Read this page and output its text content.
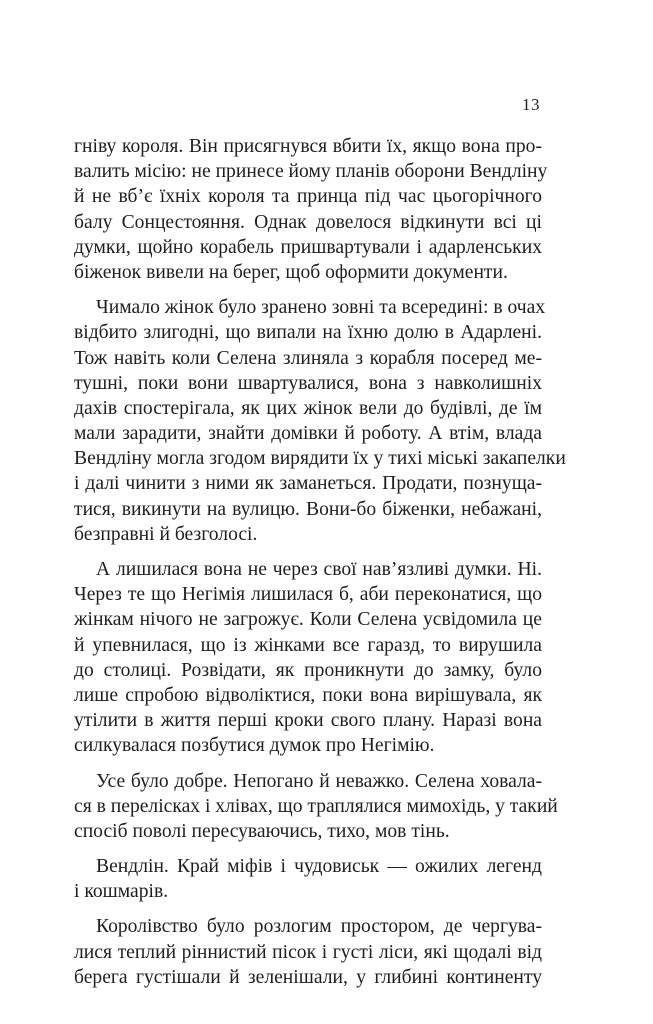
13
гніву короля. Він присягнувся вбити їх, якщо вона про-
валить місію: не принесе йому планів оборони Вендліну
й не вб’є їхніх короля та принца під час цьогорічного
балу Сонцестояння. Однак довелося відкинути всі ці
думки, щойно корабель пришвартували і адарленських
біженок вивели на берег, щоб оформити документи.
Чимало жінок було зранено зовні та всередині: в очах
відбито злигодні, що випали на їхню долю в Адарлені.
Тож навіть коли Селена злиняла з корабля посеред ме-
тушні, поки вони швартувалися, вона з навколишніх
дахів спостерігала, як цих жінок вели до будівлі, де їм
мали зарадити, знайти домівки й роботу. А втім, влада
Вендліну могла згодом вирядити їх у тихі міські закапелки
і далі чинити з ними як заманеться. Продати, познуща-
тися, викинути на вулицю. Вони-бо біженки, небажані,
безправні й безголосі.
А лишилася вона не через свої нав’язливі думки. Ні.
Через те що Негімія лишилася б, аби переконатися, що
жінкам нічого не загрожує. Коли Селена усвідомила це
й упевнилася, що із жінками все гаразд, то вирушила
до столиці. Розвідати, як проникнути до замку, було
лише спробою відволіктися, поки вона вирішувала, як
утілити в життя перші кроки свого плану. Наразі вона
силкувалася позбутися думок про Негімію.
Усе було добре. Непогано й неважко. Селена ховала-
ся в перелісках і хлівах, що траплялися мимохідь, у такий
спосіб поволі пересуваючись, тихо, мов тінь.
Вендлін. Край міфів і чудовиськ — ожилих легенд
і кошмарів.
Королівство було розлогим простором, де чергува-
лися теплий ріннистий пісок і густі ліси, які щодалі від
берега густішали й зеленішали, у глибині континенту
